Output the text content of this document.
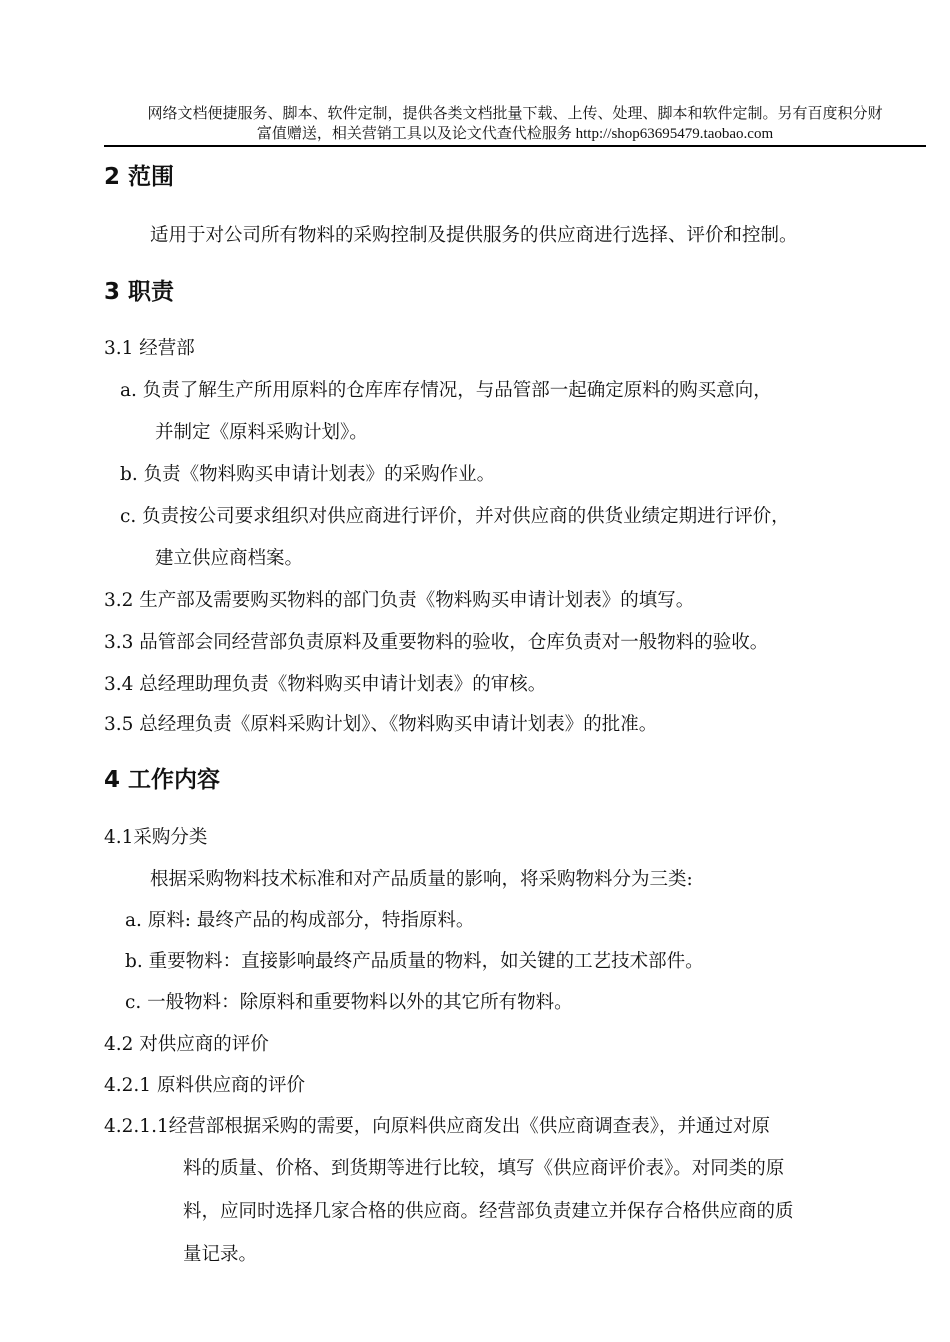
网络文档便捷服务、脚本、软件定制，提供各类文档批量下载、上传、处理、脚本和软件定制。另有百度积分财
富值赠送，相关营销工具以及论文代查代检服务 http://shop63695479.taobao.com
2 范围
适用于对公司所有物料的采购控制及提供服务的供应商进行选择、评价和控制。
3 职责
3.1 经营部
a. 负责了解生产所用原料的仓库库存情况，与品管部一起确定原料的购买意向，
并制定《原料采购计划》。
b. 负责《物料购买申请计划表》的采购作业。
c. 负责按公司要求组织对供应商进行评价，并对供应商的供货业绩定期进行评价，
建立供应商档案。
3.2 生产部及需要购买物料的部门负责《物料购买申请计划表》的填写。
3.3 品管部会同经营部负责原料及重要物料的验收，仓库负责对一般物料的验收。
3.4 总经理助理负责《物料购买申请计划表》的审核。
3.5 总经理负责《原料采购计划》、《物料购买申请计划表》的批准。
4 工作内容
4.1采购分类
根据采购物料技术标准和对产品质量的影响，将采购物料分为三类:
a. 原料: 最终产品的构成部分，特指原料。
b. 重要物料：直接影响最终产品质量的物料，如关键的工艺技术部件。
c. 一般物料：除原料和重要物料以外的其它所有物料。
4.2 对供应商的评价
4.2.1 原料供应商的评价
4.2.1.1经营部根据采购的需要，向原料供应商发出《供应商调查表》，并通过对原
料的质量、价格、到货期等进行比较，填写《供应商评价表》。对同类的原
料，应同时选择几家合格的供应商。经营部负责建立并保存合格供应商的质
量记录。
